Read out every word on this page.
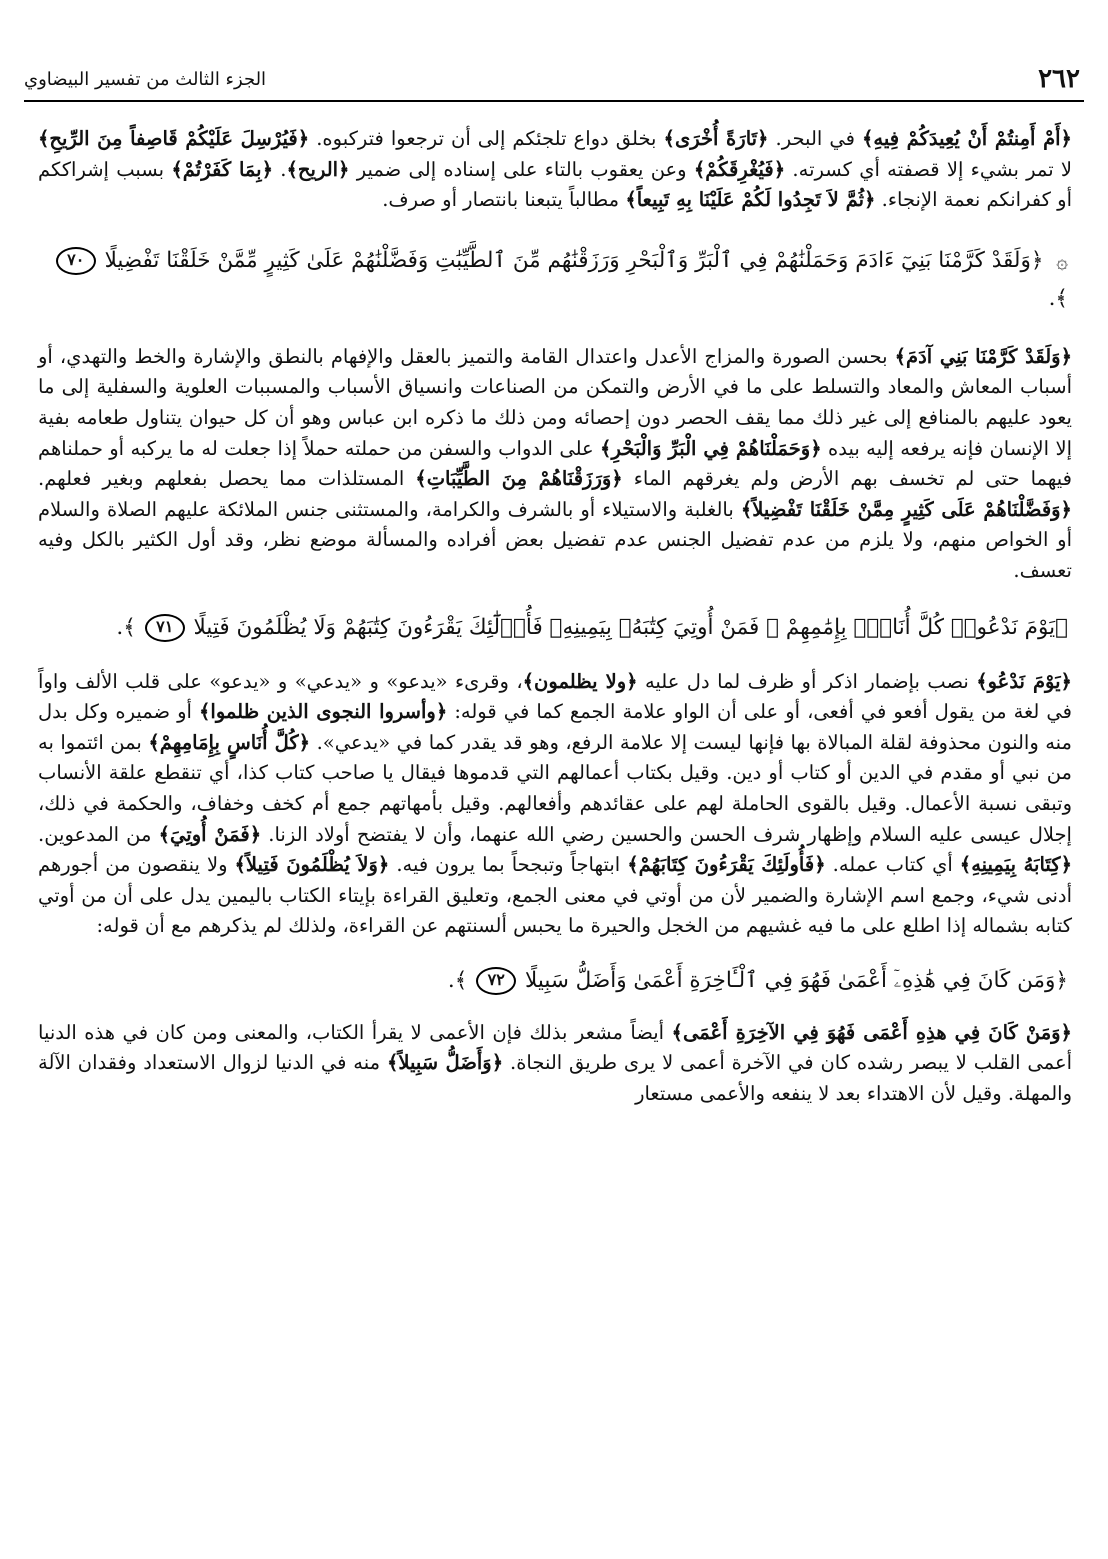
٢٦٢
الجزء الثالث من تفسير البيضاوي

﴿أَمْ أَمِنتُمْ أَنْ يُعِيدَكُمْ فِيهِ﴾ في البحر. ﴿تَارَةً أُخْرَى﴾ بخلق دواع تلجئكم إلى أن ترجعوا فتركبوه. ﴿فَيُرْسِلَ عَلَيْكُمْ قَاصِفاً مِنَ الرِّيحِ﴾ لا تمر بشيء إلا قصفته أي كسرته. ﴿فَيُغْرِقَكُمْ﴾ وعن يعقوب بالتاء على إسناده إلى ضمير ﴿الريح﴾. ﴿بِمَا كَفَرْتُمْ﴾ بسبب إشراككم أو كفرانكم نعمة الإنجاء. ﴿ثُمَّ لاَ تَجِدُوا لَكُمْ عَلَيْنَا بِهِ تَبِيعاً﴾ مطالباً يتبعنا بانتصار أو صرف.

۞ ﴿وَلَقَدْ كَرَّمْنَا بَنِيٓ ءَادَمَ وَحَمَلْنَٰهُمْ فِي ٱلْبَرِّ وَٱلْبَحْرِ وَرَزَقْنَٰهُم مِّنَ ٱلطَّيِّبَٰتِ وَفَضَّلْنَٰهُمْ عَلَىٰ كَثِيرٍ مِّمَّنْ خَلَقْنَا تَفْضِيلًا ٧٠ ﴾.

﴿وَلَقَدْ كَرَّمْنَا بَنِي آدَمَ﴾ بحسن الصورة والمزاج الأعدل واعتدال القامة والتميز بالعقل والإفهام بالنطق والإشارة والخط والتهدي، أو أسباب المعاش والمعاد والتسلط على ما في الأرض والتمكن من الصناعات وانسياق الأسباب والمسببات العلوية والسفلية إلى ما يعود عليهم بالمنافع إلى غير ذلك مما يقف الحصر دون إحصائه ومن ذلك ما ذكره ابن عباس وهو أن كل حيوان يتناول طعامه بفية إلا الإنسان فإنه يرفعه إليه بيده ﴿وَحَمَلْنَاهُمْ فِي الْبَرِّ وَالْبَحْرِ﴾ على الدواب والسفن من حملته حملاً إذا جعلت له ما يركبه أو حملناهم فيهما حتى لم تخسف بهم الأرض ولم يغرقهم الماء ﴿وَرَزَقْنَاهُمْ مِنَ الطَّيِّبَاتِ﴾ المستلذات مما يحصل بفعلهم وبغير فعلهم. ﴿وَفَضَّلْنَاهُمْ عَلَى كَثِيرٍ مِمَّنْ خَلَقْنَا تَفْضِيلاً﴾ بالغلبة والاستيلاء أو بالشرف والكرامة، والمستثنى جنس الملائكة عليهم الصلاة والسلام أو الخواص منهم، ولا يلزم من عدم تفضيل الجنس عدم تفضيل بعض أفراده والمسألة موضع نظر، وقد أول الكثير بالكل وفيه تعسف.

﴿يَوْمَ نَدْعُوا۟ كُلَّ أُنَاسٍۭ بِإِمَٰمِهِمْ ۖ فَمَنْ أُوتِيَ كِتَٰبَهُۥ بِيَمِينِهِۦ فَأُو۟لَٰٓئِكَ يَقْرَءُونَ كِتَٰبَهُمْ وَلَا يُظْلَمُونَ فَتِيلًا ٧١ ﴾.

﴿يَوْمَ نَدْعُو﴾ نصب بإضمار اذكر أو ظرف لما دل عليه ﴿ولا يظلمون﴾، وقرىء «يدعو» و «يدعي» و «يدعو» على قلب الألف واواً في لغة من يقول أفعو في أفعى، أو على أن الواو علامة الجمع كما في قوله: ﴿وأسروا النجوى الذين ظلموا﴾ أو ضميره وكل بدل منه والنون محذوفة لقلة المبالاة بها فإنها ليست إلا علامة الرفع، وهو قد يقدر كما في «يدعي». ﴿كُلَّ أُنَاسٍ بِإِمَامِهِمْ﴾ بمن ائتموا به من نبي أو مقدم في الدين أو كتاب أو دين. وقيل بكتاب أعمالهم التي قدموها فيقال يا صاحب كتاب كذا، أي تنقطع علقة الأنساب وتبقى نسبة الأعمال. وقيل بالقوى الحاملة لهم على عقائدهم وأفعالهم. وقيل بأمهاتهم جمع أم كخف وخفاف، والحكمة في ذلك، إجلال عيسى عليه السلام وإظهار شرف الحسن والحسين رضي الله عنهما، وأن لا يفتضح أولاد الزنا. ﴿فَمَنْ أُوتِيَ﴾ من المدعوين. ﴿كِتَابَهُ بِيَمِينِهِ﴾ أي كتاب عمله. ﴿فَأُولَئِكَ يَقْرَءُونَ كِتَابَهُمْ﴾ ابتهاجاً وتبجحاً بما يرون فيه. ﴿وَلاَ يُظْلَمُونَ فَتِيلاً﴾ ولا ينقصون من أجورهم أدنى شيء، وجمع اسم الإشارة والضمير لأن من أوتي في معنى الجمع، وتعليق القراءة بإيتاء الكتاب باليمين يدل على أن من أوتي كتابه بشماله إذا اطلع على ما فيه غشيهم من الخجل والحيرة ما يحبس ألسنتهم عن القراءة، ولذلك لم يذكرهم مع أن قوله:

﴿وَمَن كَانَ فِي هَٰذِهِۦٓ أَعْمَىٰ فَهُوَ فِي ٱلْـَٔاخِرَةِ أَعْمَىٰ وَأَضَلُّ سَبِيلًا ٧٢ ﴾.

﴿وَمَنْ كَانَ فِي هذِهِ أَعْمَى فَهُوَ فِي الآخِرَةِ أَعْمَى﴾ أيضاً مشعر بذلك فإن الأعمى لا يقرأ الكتاب، والمعنى ومن كان في هذه الدنيا أعمى القلب لا يبصر رشده كان في الآخرة أعمى لا يرى طريق النجاة. ﴿وَأَضَلُّ سَبِيلاً﴾ منه في الدنيا لزوال الاستعداد وفقدان الآلة والمهلة. وقيل لأن الاهتداء بعد لا ينفعه والأعمى مستعار
